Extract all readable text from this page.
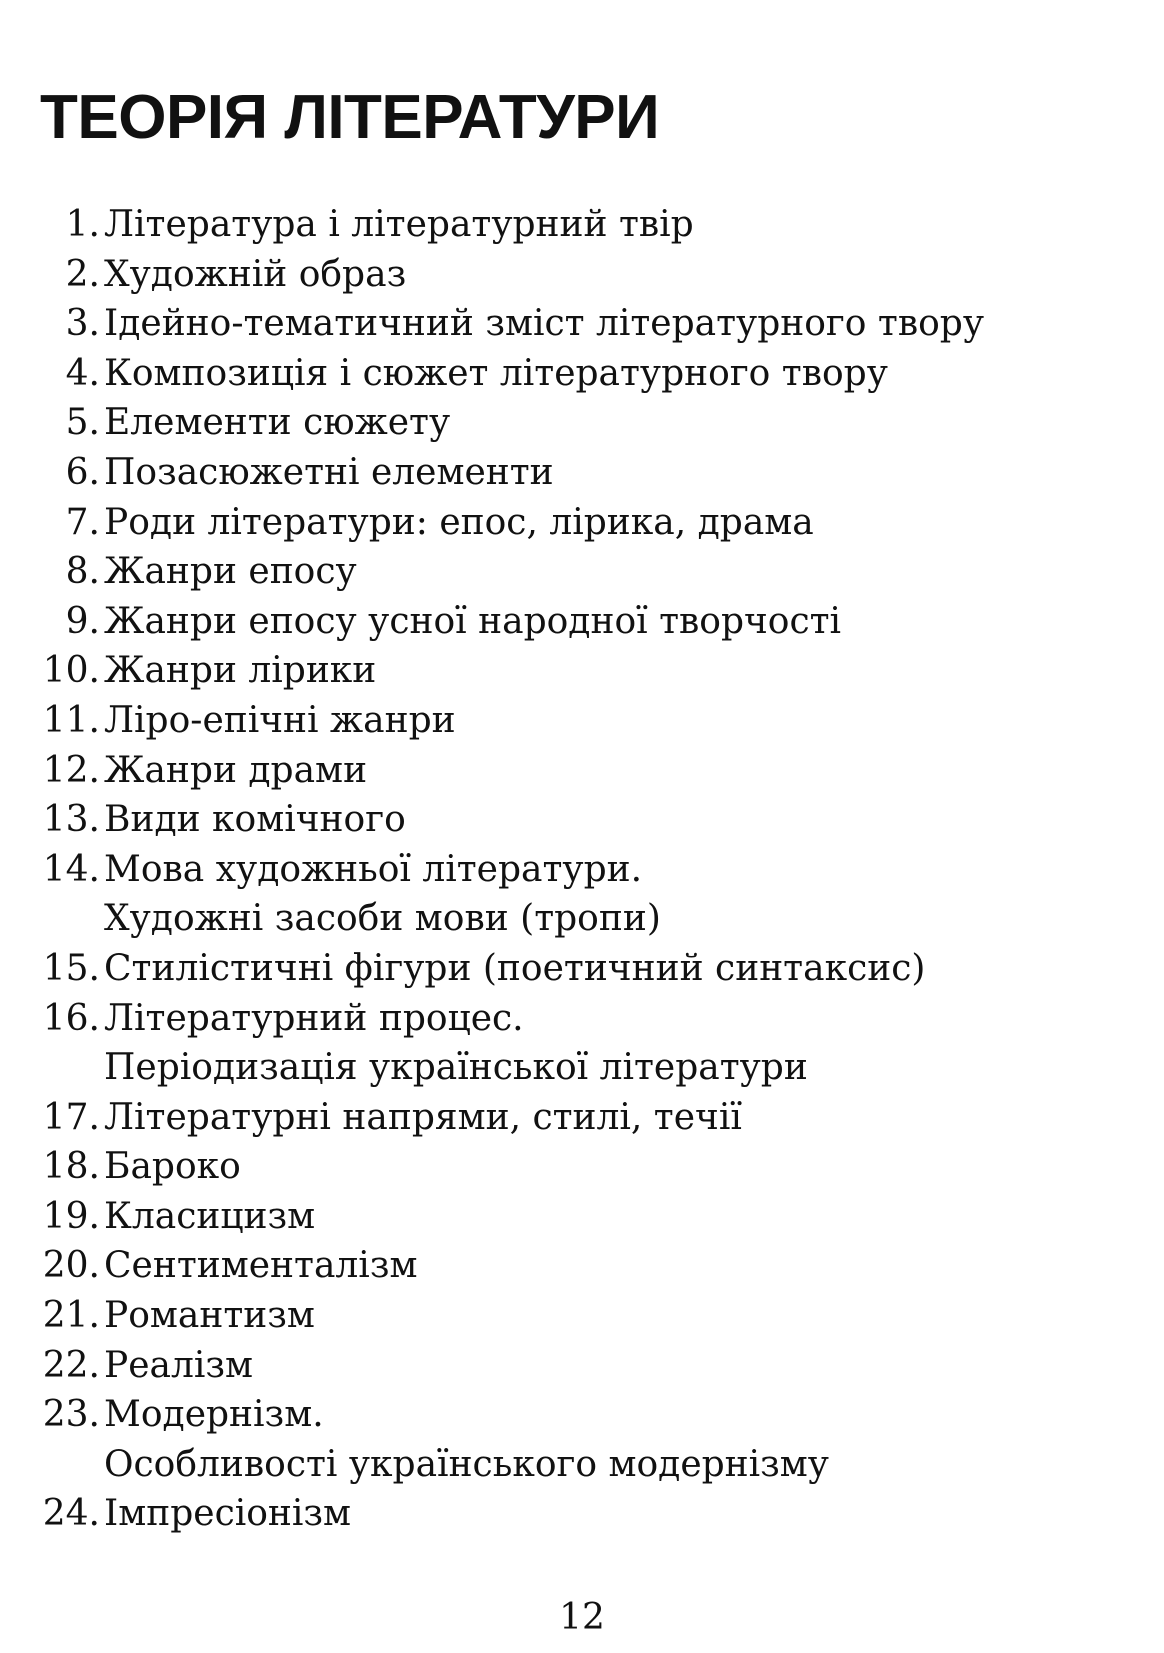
ТЕОРІЯ ЛІТЕРАТУРИ
1. Література і літературний твір
2. Художній образ
3. Ідейно-тематичний зміст літературного твору
4. Композиція і сюжет літературного твору
5. Елементи сюжету
6. Позасюжетні елементи
7. Роди літератури: епос, лірика, драма
8. Жанри епосу
9. Жанри епосу усної народної творчості
10. Жанри лірики
11. Ліро-епічні жанри
12. Жанри драми
13. Види комічного
14. Мова художньої літератури.
Художні засоби мови (тропи)
15. Стилістичні фігури (поетичний синтаксис)
16. Літературний процес.
Періодизація української літератури
17. Літературні напрями, стилі, течії
18. Бароко
19. Класицизм
20. Сентименталізм
21. Романтизм
22. Реалізм
23. Модернізм.
Особливості українського модернізму
24. Імпресіонізм
12
